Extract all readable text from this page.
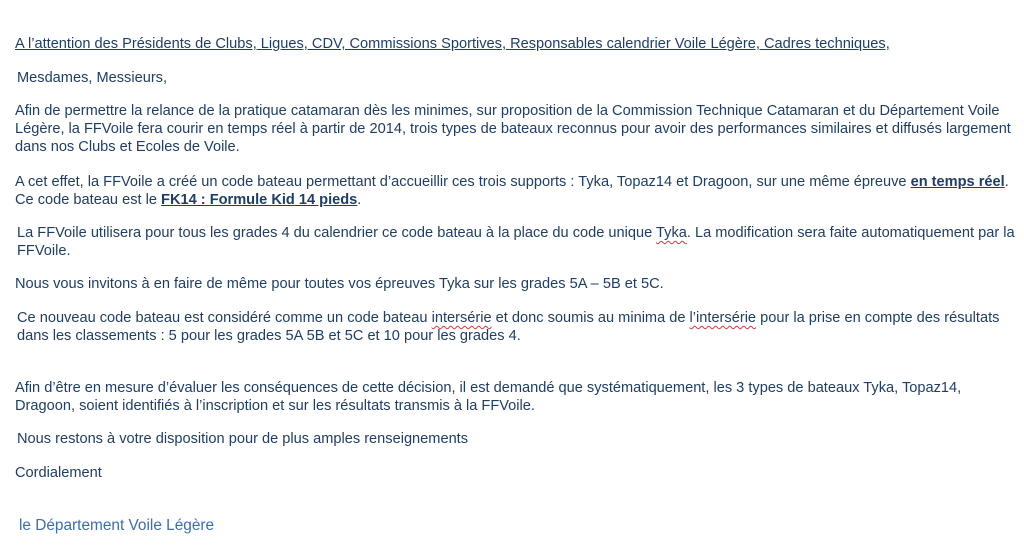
A l’attention des Présidents de Clubs, Ligues, CDV, Commissions Sportives, Responsables calendrier Voile Légère, Cadres techniques,

Mesdames, Messieurs,

Afin de permettre la relance de la pratique catamaran dès les minimes, sur proposition de la Commission Technique Catamaran et du Département Voile Légère, la FFVoile fera courir en temps réel à partir de 2014, trois types de bateaux reconnus pour avoir des performances similaires et diffusés largement dans nos Clubs et Ecoles de Voile.

A cet effet, la FFVoile a créé un code bateau permettant d’accueillir ces trois supports : Tyka, Topaz14 et Dragoon, sur une même épreuve en temps réel. Ce code bateau est le FK14 : Formule Kid 14 pieds.

La FFVoile utilisera pour tous les grades 4 du calendrier ce code bateau à la place du code unique Tyka. La modification sera faite automatiquement par la FFVoile.

Nous vous invitons à en faire de même pour toutes vos épreuves Tyka sur les grades 5A – 5B et 5C.

Ce nouveau code bateau est considéré comme un code bateau intersérie et donc soumis au minima de l’intersérie pour la prise en compte des résultats dans les classements : 5 pour les grades 5A 5B et 5C et 10 pour les grades 4.

Afin d’être en mesure d’évaluer les conséquences de cette décision, il est demandé que systématiquement, les 3 types de bateaux Tyka, Topaz14, Dragoon, soient identifiés à l’inscription et sur les résultats transmis à la FFVoile.

Nous restons à votre disposition pour de plus amples renseignements

Cordialement

le Département Voile Légère
